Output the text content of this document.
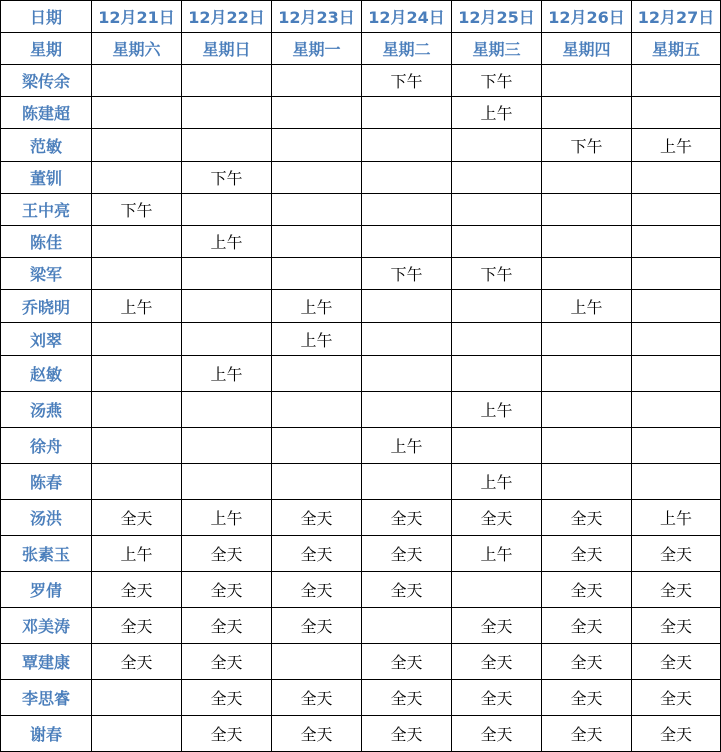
日期	12月21日	12月22日	12月23日	12月24日	12月25日	12月26日	12月27日
星期	星期六	星期日	星期一	星期二	星期三	星期四	星期五
梁传余				下午	下午		
陈建超					上午		
范敏						下午	上午
董钏		下午					
王中亮	下午						
陈佳		上午					
梁军				下午	下午		
乔晓明	上午		上午			上午	
刘翠			上午				
赵敏		上午					
汤燕					上午		
徐舟				上午			
陈春					上午		
汤洪	全天	上午	全天	全天	全天	全天	上午
张素玉	上午	全天	全天	全天	上午	全天	全天
罗倩	全天	全天	全天	全天		全天	全天
邓美涛	全天	全天	全天		全天	全天	全天
覃建康	全天	全天		全天	全天	全天	全天
李思睿		全天	全天	全天	全天	全天	全天
谢春		全天	全天	全天	全天	全天	全天
